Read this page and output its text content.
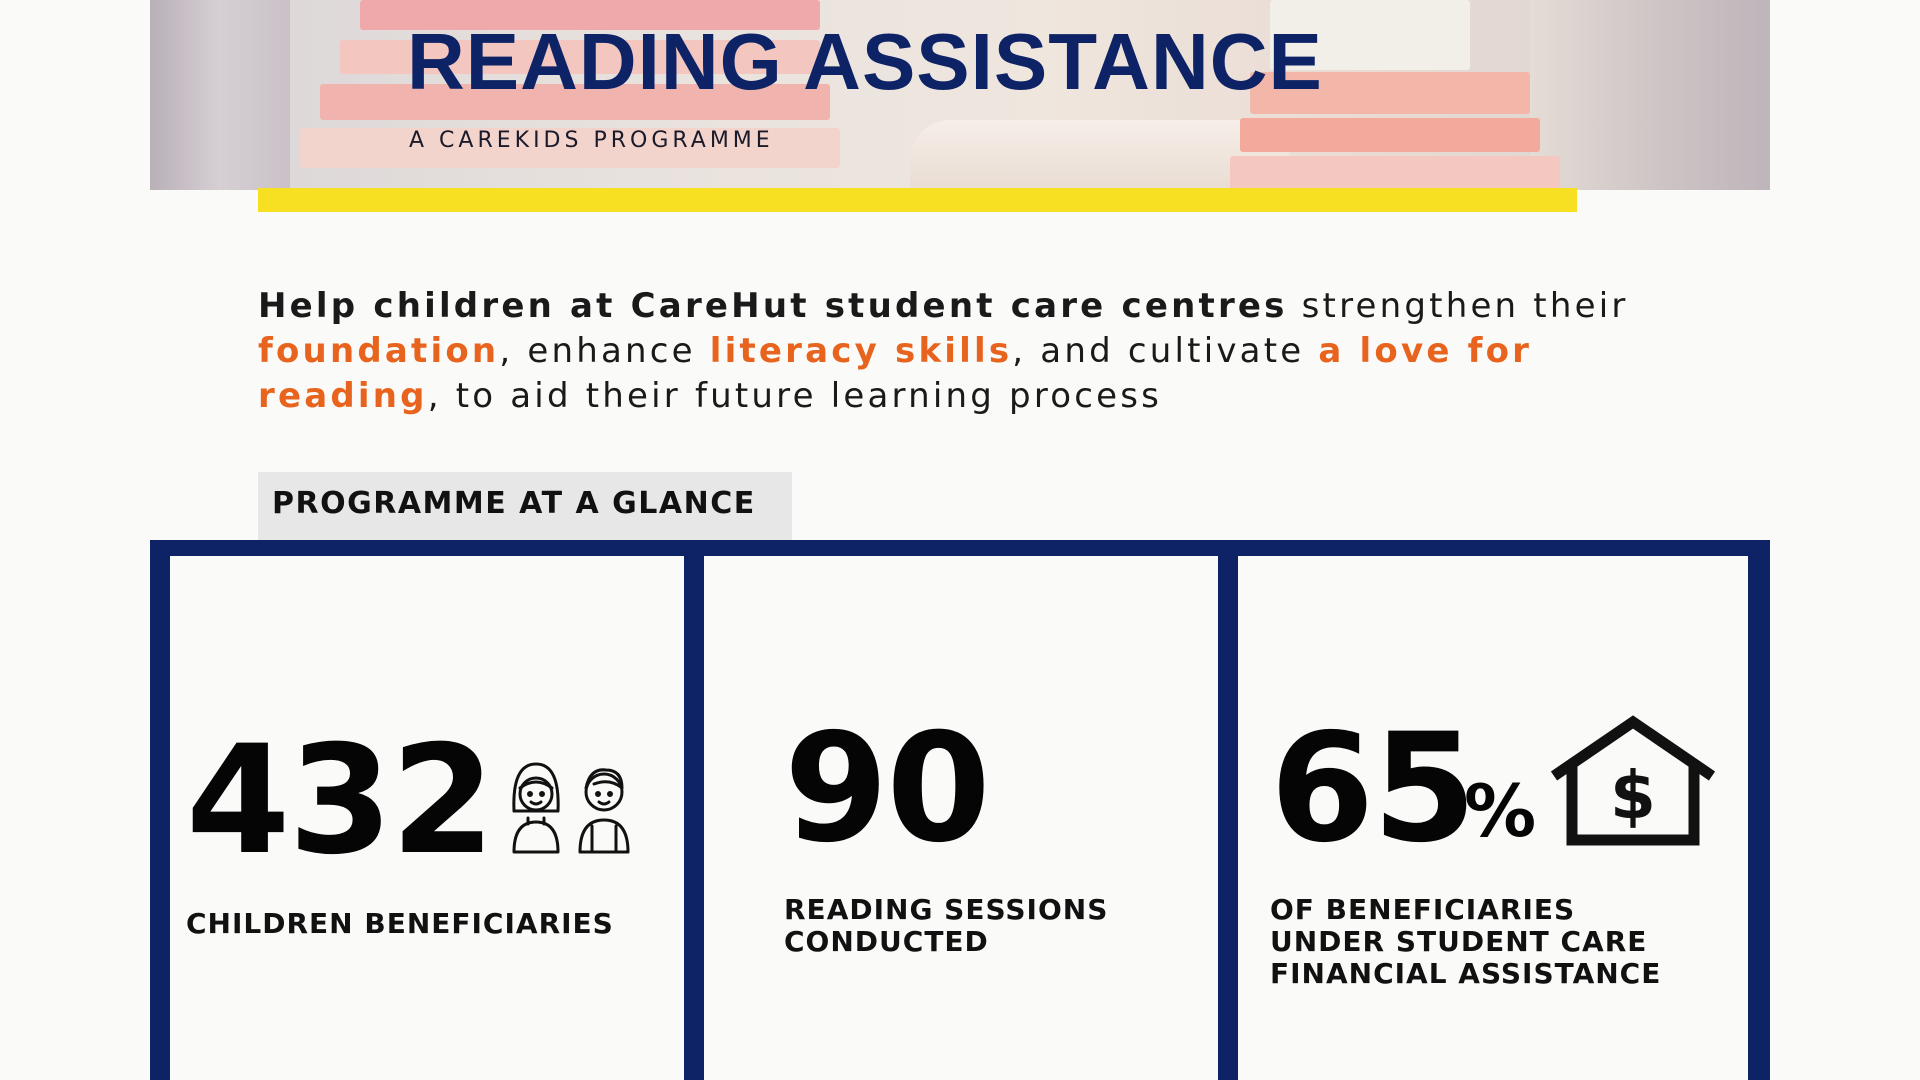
READING ASSISTANCE

A CAREKIDS PROGRAMME

Help children at CareHut student care centres strengthen their foundation, enhance literacy skills, and cultivate a love for reading, to aid their future learning process

PROGRAMME AT A GLANCE

432

CHILDREN BENEFICIARIES

90

READING SESSIONS CONDUCTED

65

% $

OF BENEFICIARIES UNDER STUDENT CARE FINANCIAL ASSISTANCE
